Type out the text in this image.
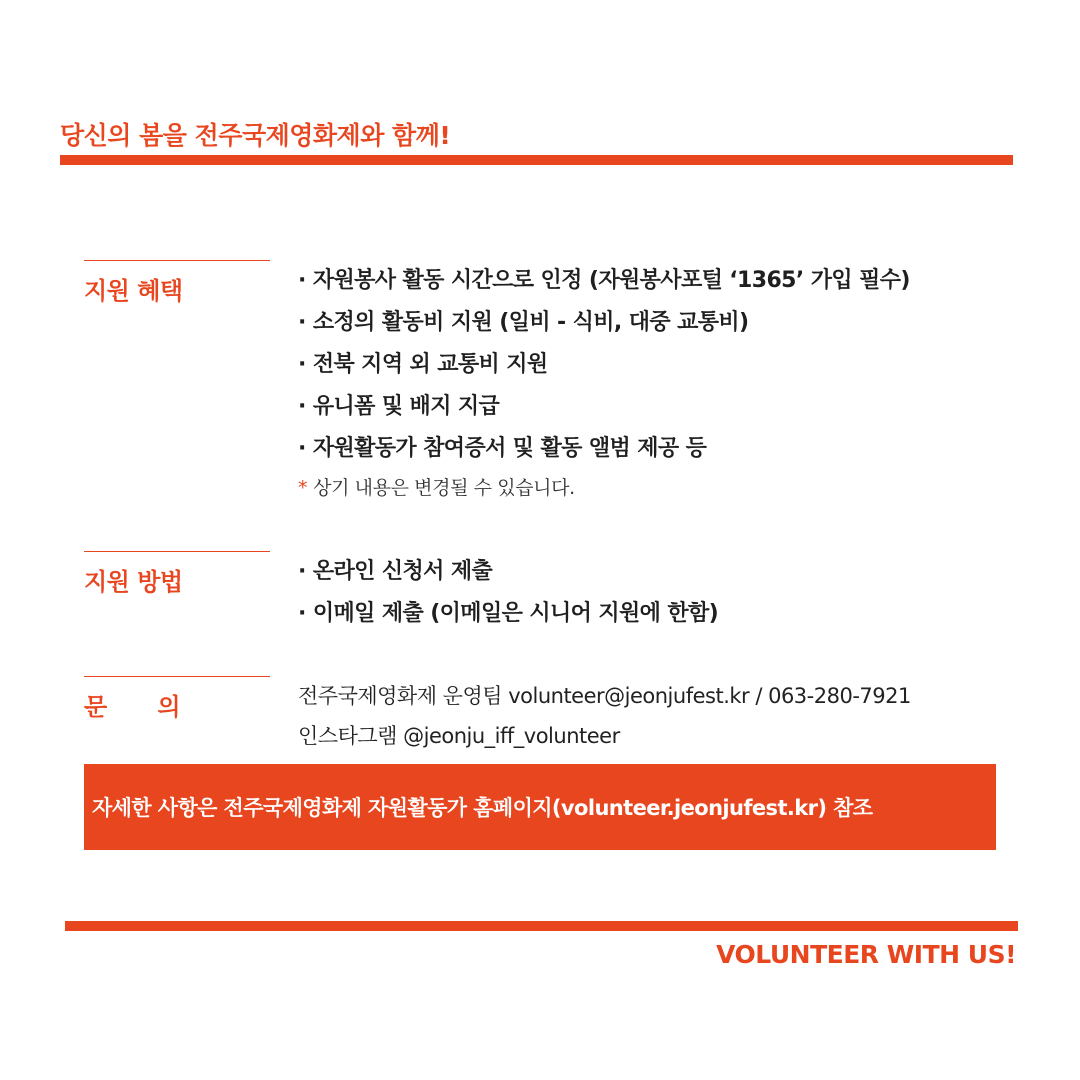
당신의 봄을 전주국제영화제와 함께!
지원 혜택	· 자원봉사 활동 시간으로 인정 (자원봉사포털 ‘1365’ 가입 필수)
· 소정의 활동비 지원 (일비 - 식비, 대중 교통비)
· 전북 지역 외 교통비 지원
· 유니폼 및 배지 지급
· 자원활동가 참여증서 및 활동 앨범 제공 등
* 상기 내용은 변경될 수 있습니다.
지원 방법	· 온라인 신청서 제출
· 이메일 제출 (이메일은 시니어 지원에 한함)
문 의	전주국제영화제 운영팀 volunteer@jeonjufest.kr / 063-280-7921
인스타그램 @jeonju_iff_volunteer
자세한 사항은 전주국제영화제 자원활동가 홈페이지(volunteer.jeonjufest.kr) 참조
VOLUNTEER WITH US!
